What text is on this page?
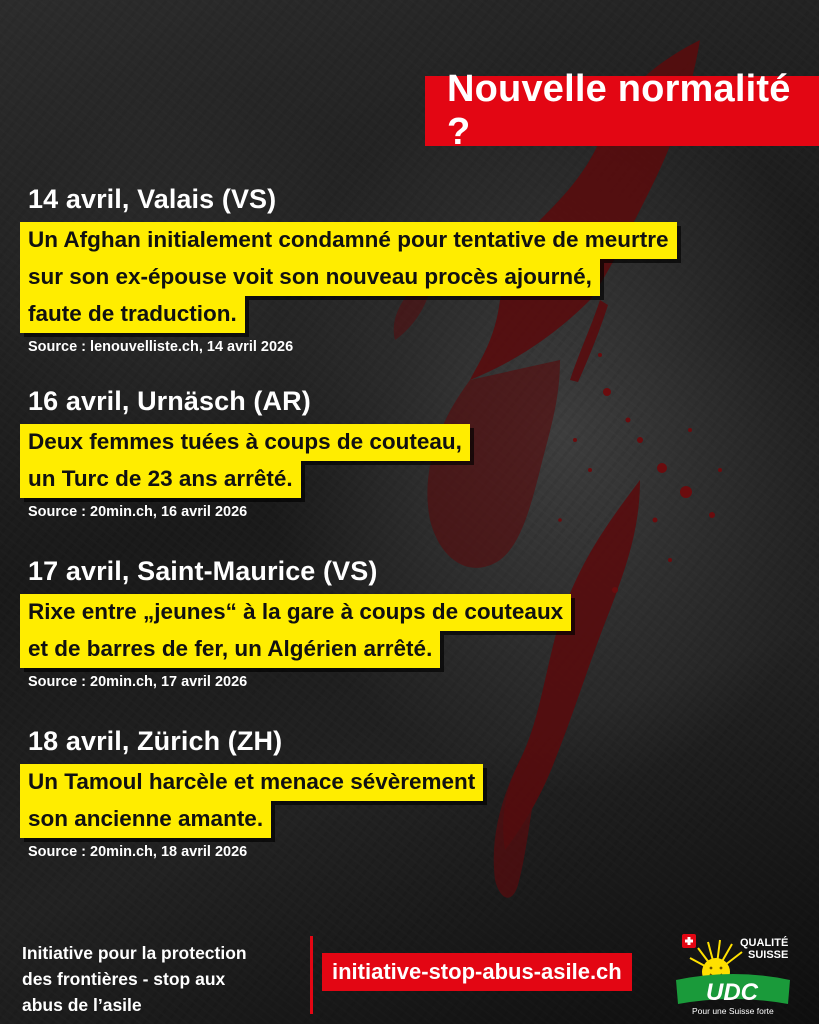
Nouvelle normalité ?
14 avril, Valais (VS)
Un Afghan initialement condamné pour tentative de meurtre
sur son ex-épouse voit son nouveau procès ajourné,
faute de traduction.
Source : lenouvelliste.ch, 14 avril 2026
16 avril, Urnäsch (AR)
Deux femmes tuées à coups de couteau,
un Turc de 23 ans arrêté.
Source : 20min.ch, 16 avril 2026
17 avril, Saint-Maurice (VS)
Rixe entre „jeunes“ à la gare à coups de couteaux
et de barres de fer, un Algérien arrêté.
Source : 20min.ch, 17 avril 2026
18 avril, Zürich (ZH)
Un Tamoul harcèle et menace sévèrement
son ancienne amante.
Source : 20min.ch, 18 avril 2026
Initiative pour la protection
des frontières - stop aux
abus de l’asile
initiative-stop-abus-asile.ch
QUALITÉ
SUISSE
UDC
Pour une Suisse forte
